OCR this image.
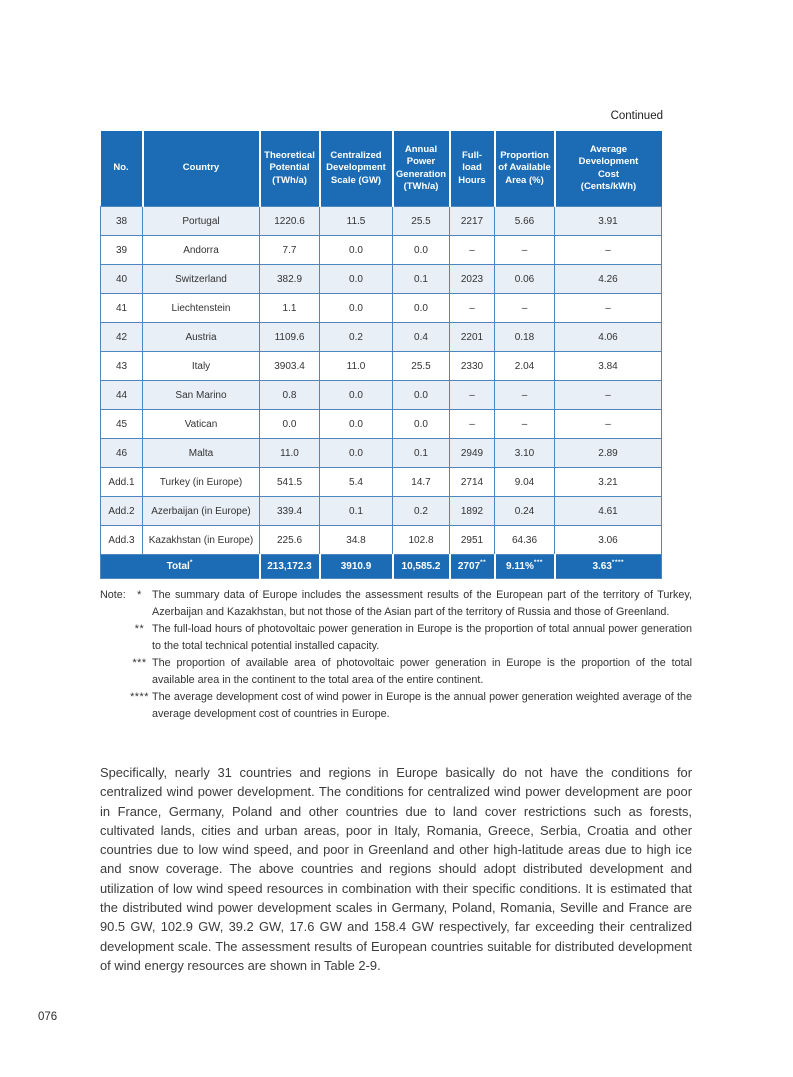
Continued
No.	Country	Theoretical Potential (TWh/a)	Centralized Development Scale (GW)	Annual Power Generation (TWh/a)	Full-load Hours	Proportion of Available Area (%)	Average Development Cost (Cents/kWh)
38	Portugal	1220.6	11.5	25.5	2217	5.66	3.91
39	Andorra	7.7	0.0	0.0	–	–	–
40	Switzerland	382.9	0.0	0.1	2023	0.06	4.26
41	Liechtenstein	1.1	0.0	0.0	–	–	–
42	Austria	1109.6	0.2	0.4	2201	0.18	4.06
43	Italy	3903.4	11.0	25.5	2330	2.04	3.84
44	San Marino	0.8	0.0	0.0	–	–	–
45	Vatican	0.0	0.0	0.0	–	–	–
46	Malta	11.0	0.0	0.1	2949	3.10	2.89
Add.1	Turkey (in Europe)	541.5	5.4	14.7	2714	9.04	3.21
Add.2	Azerbaijan (in Europe)	339.4	0.1	0.2	1892	0.24	4.61
Add.3	Kazakhstan (in Europe)	225.6	34.8	102.8	2951	64.36	3.06
Total*		213,172.3	3910.9	10,585.2	2707**	9.11%***	3.63****
Note:	* The summary data of Europe includes the assessment results of the European part of the territory of Turkey, Azerbaijan and Kazakhstan, but not those of the Asian part of the territory of Russia and those of Greenland.
** The full-load hours of photovoltaic power generation in Europe is the proportion of total annual power generation to the total technical potential installed capacity.
*** The proportion of available area of photovoltaic power generation in Europe is the proportion of the total available area in the continent to the total area of the entire continent.
**** The average development cost of wind power in Europe is the annual power generation weighted average of the average development cost of countries in Europe.

Specifically, nearly 31 countries and regions in Europe basically do not have the conditions for centralized wind power development. The conditions for centralized wind power development are poor in France, Germany, Poland and other countries due to land cover restrictions such as forests, cultivated lands, cities and urban areas, poor in Italy, Romania, Greece, Serbia, Croatia and other countries due to low wind speed, and poor in Greenland and other high-latitude areas due to high ice and snow coverage. The above countries and regions should adopt distributed development and utilization of low wind speed resources in combination with their specific conditions. It is estimated that the distributed wind power development scales in Germany, Poland, Romania, Seville and France are 90.5 GW, 102.9 GW, 39.2 GW, 17.6 GW and 158.4 GW respectively, far exceeding their centralized development scale. The assessment results of European countries suitable for distributed development of wind energy resources are shown in Table 2-9.

076
